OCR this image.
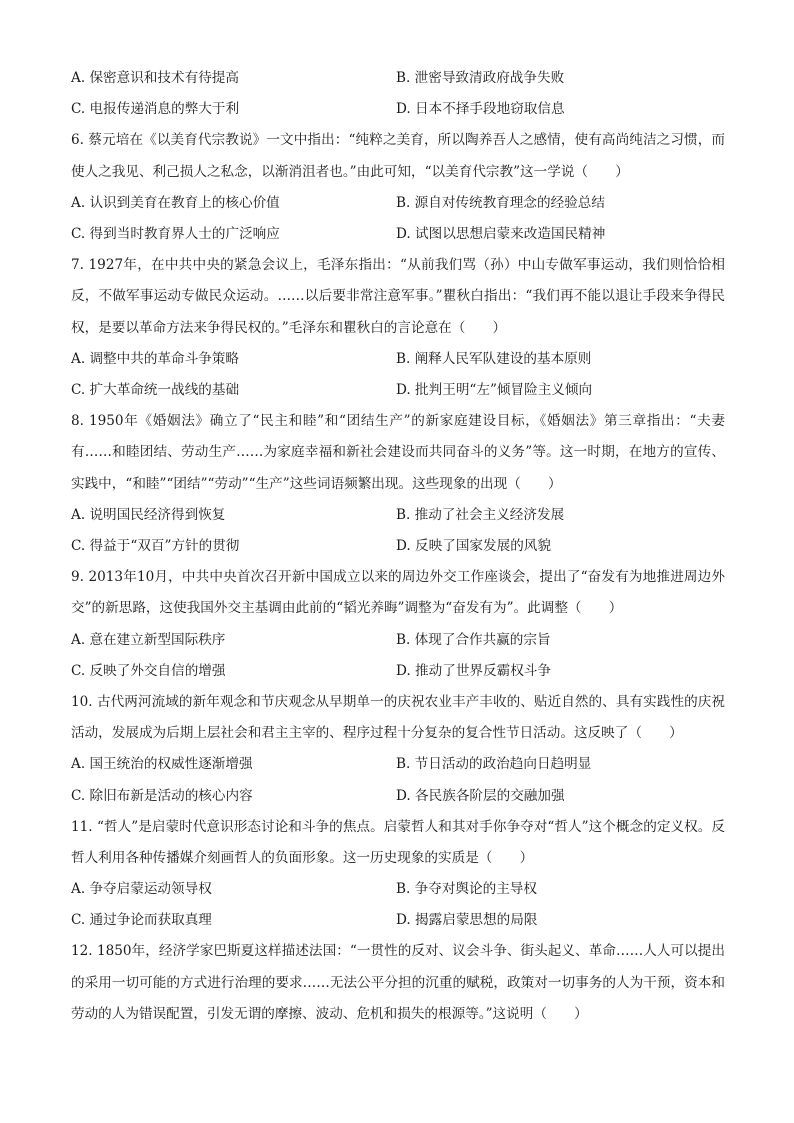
A. 保密意识和技术有待提高	B. 泄密导致清政府战争失败
C. 电报传递消息的弊大于利	D. 日本不择手段地窃取信息

6. 蔡元培在《以美育代宗教说》一文中指出：“纯粹之美育，所以陶养吾人之感情，使有高尚纯洁之习惯，而使人之我见、利己损人之私念，以渐消沮者也。”由此可知，“以美育代宗教”这一学说（　　）

A. 认识到美育在教育上的核心价值	B. 源自对传统教育理念的经验总结
C. 得到当时教育界人士的广泛响应	D. 试图以思想启蒙来改造国民精神

7. 1927年，在中共中央的紧急会议上，毛泽东指出：“从前我们骂（孙）中山专做军事运动，我们则恰恰相反，不做军事运动专做民众运动。……以后要非常注意军事。”瞿秋白指出：“我们再不能以退让手段来争得民权，是要以革命方法来争得民权的。”毛泽东和瞿秋白的言论意在（　　）

A. 调整中共的革命斗争策略	B. 阐释人民军队建设的基本原则
C. 扩大革命统一战线的基础	D. 批判王明“左”倾冒险主义倾向

8. 1950年《婚姻法》确立了“民主和睦”和“团结生产”的新家庭建设目标，《婚姻法》第三章指出：“夫妻有……和睦团结、劳动生产……为家庭幸福和新社会建设而共同奋斗的义务”等。这一时期，在地方的宣传、实践中，“和睦”“团结”“劳动”“生产”这些词语频繁出现。这些现象的出现（　　）

A. 说明国民经济得到恢复	B. 推动了社会主义经济发展
C. 得益于“双百”方针的贯彻	D. 反映了国家发展的风貌

9. 2013年10月，中共中央首次召开新中国成立以来的周边外交工作座谈会，提出了“奋发有为地推进周边外交”的新思路，这使我国外交主基调由此前的“韬光养晦”调整为“奋发有为”。此调整（　　）

A. 意在建立新型国际秩序	B. 体现了合作共赢的宗旨
C. 反映了外交自信的增强	D. 推动了世界反霸权斗争

10. 古代两河流域的新年观念和节庆观念从早期单一的庆祝农业丰产丰收的、贴近自然的、具有实践性的庆祝活动，发展成为后期上层社会和君主主宰的、程序过程十分复杂的复合性节日活动。这反映了（　　）

A. 国王统治的权威性逐渐增强	B. 节日活动的政治趋向日趋明显
C. 除旧布新是活动的核心内容	D. 各民族各阶层的交融加强

11. “哲人”是启蒙时代意识形态讨论和斗争的焦点。启蒙哲人和其对手你争夺对“哲人”这个概念的定义权。反哲人利用各种传播媒介刻画哲人的负面形象。这一历史现象的实质是（　　）

A. 争夺启蒙运动领导权	B. 争夺对舆论的主导权
C. 通过争论而获取真理	D. 揭露启蒙思想的局限

12. 1850年，经济学家巴斯夏这样描述法国：“一贯性的反对、议会斗争、街头起义、革命……人人可以提出的采用一切可能的方式进行治理的要求……无法公平分担的沉重的赋税，政策对一切事务的人为干预，资本和劳动的人为错误配置，引发无谓的摩擦、波动、危机和损失的根源等。”这说明（　　）
